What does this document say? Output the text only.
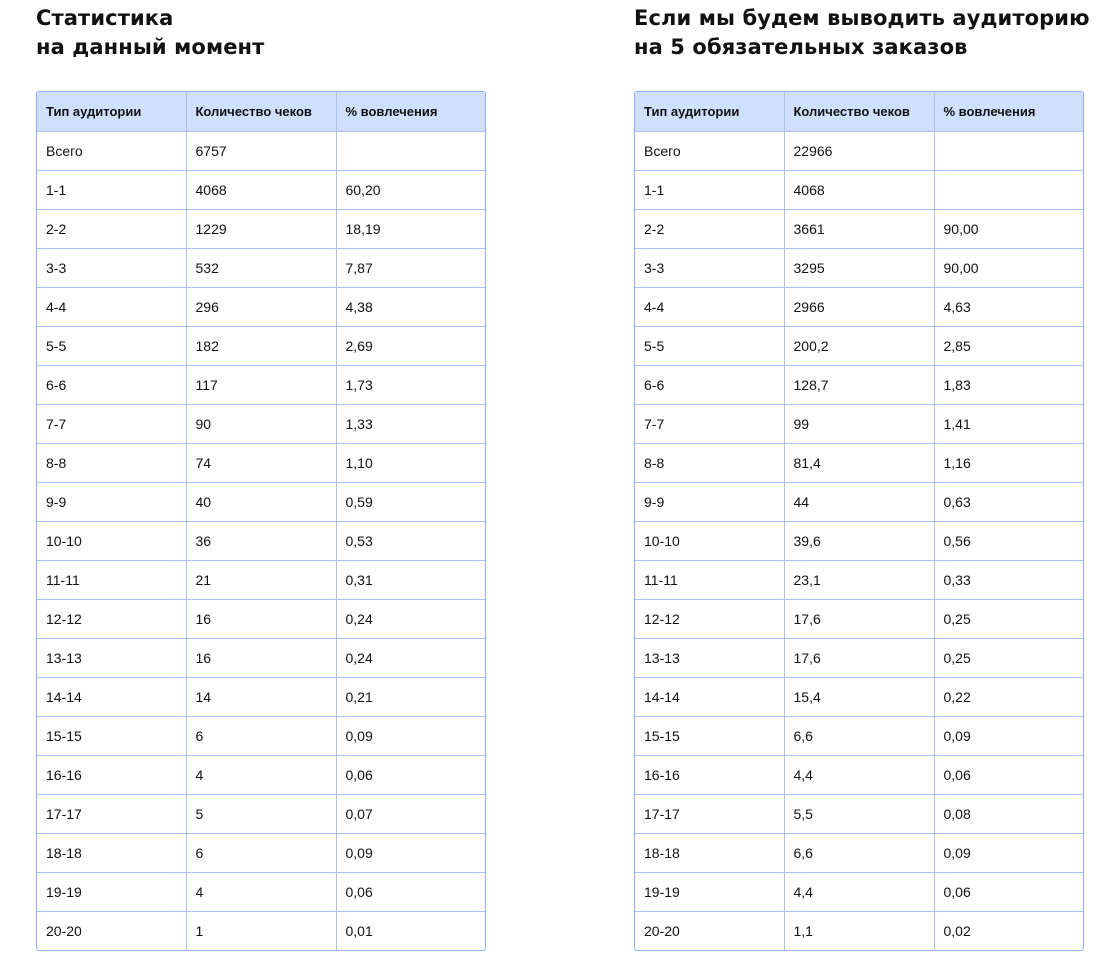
Статистика
на данный момент
Тип аудитории	Количество чеков	% вовлечения
Всего	6757	
1-1	4068	60,20
2-2	1229	18,19
3-3	532	7,87
4-4	296	4,38
5-5	182	2,69
6-6	117	1,73
7-7	90	1,33
8-8	74	1,10
9-9	40	0,59
10-10	36	0,53
11-11	21	0,31
12-12	16	0,24
13-13	16	0,24
14-14	14	0,21
15-15	6	0,09
16-16	4	0,06
17-17	5	0,07
18-18	6	0,09
19-19	4	0,06
20-20	1	0,01
Если мы будем выводить аудиторию
на 5 обязательных заказов
Тип аудитории	Количество чеков	% вовлечения
Всего	22966	
1-1	4068	
2-2	3661	90,00
3-3	3295	90,00
4-4	2966	4,63
5-5	200,2	2,85
6-6	128,7	1,83
7-7	99	1,41
8-8	81,4	1,16
9-9	44	0,63
10-10	39,6	0,56
11-11	23,1	0,33
12-12	17,6	0,25
13-13	17,6	0,25
14-14	15,4	0,22
15-15	6,6	0,09
16-16	4,4	0,06
17-17	5,5	0,08
18-18	6,6	0,09
19-19	4,4	0,06
20-20	1,1	0,02
